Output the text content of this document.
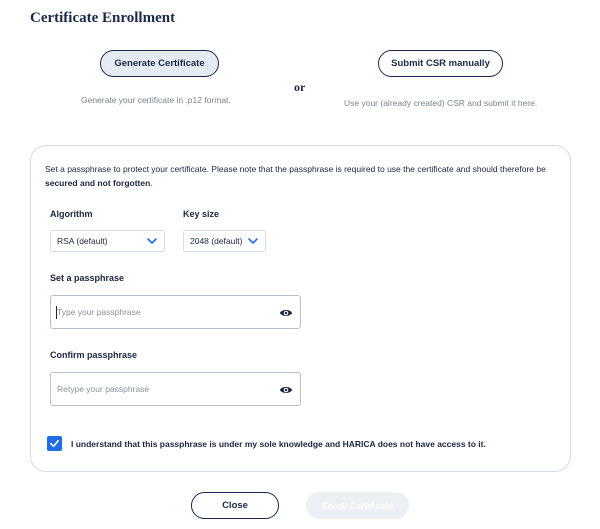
Certificate Enrollment
Generate Certificate
or
Submit CSR manually
Generate your certificate in .p12 format.	Use your (already created) CSR and submit it here.
Set a passphrase to protect your certificate. Please note that the passphrase is required to use the certificate and should therefore be secured and not forgotten.
Algorithm	Key size
RSA (default)	2048 (default)
Set a passphrase
Confirm passphrase
I understand that this passphrase is under my sole knowledge and HARICA does not have access to it.
Close	Enroll Certificate
